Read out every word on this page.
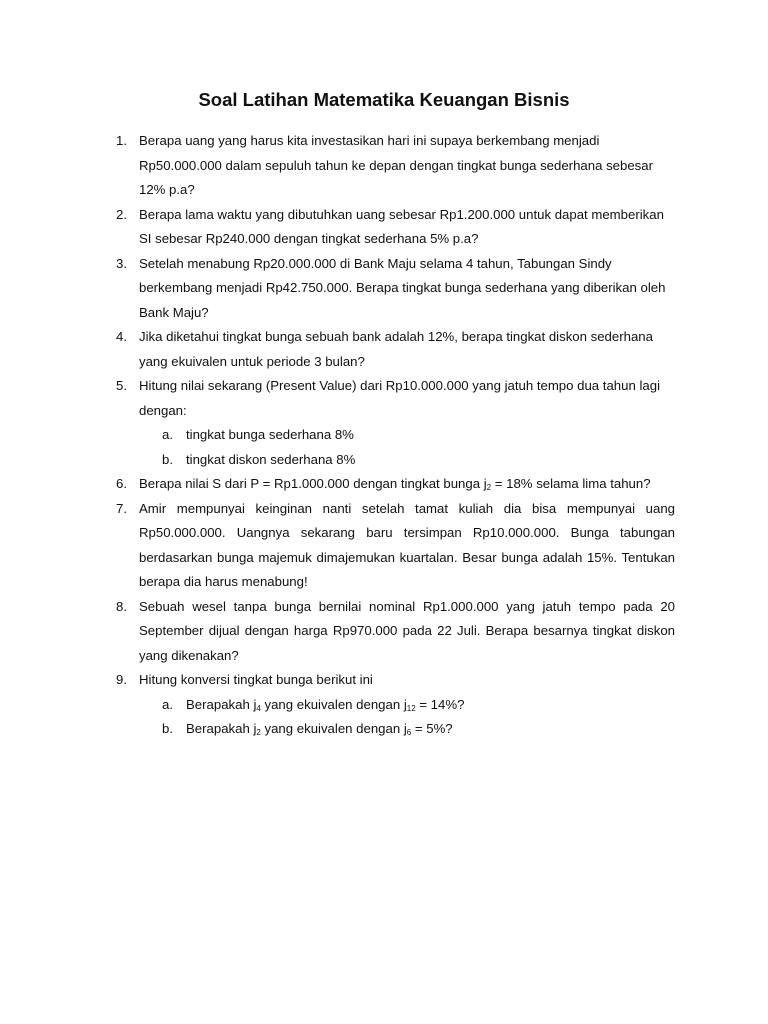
Soal Latihan Matematika Keuangan Bisnis
1. Berapa uang yang harus kita investasikan hari ini supaya berkembang menjadi Rp50.000.000 dalam sepuluh tahun ke depan dengan tingkat bunga sederhana sebesar 12% p.a?
2. Berapa lama waktu yang dibutuhkan uang sebesar Rp1.200.000 untuk dapat memberikan SI sebesar Rp240.000 dengan tingkat sederhana 5% p.a?
3. Setelah menabung Rp20.000.000 di Bank Maju selama 4 tahun, Tabungan Sindy berkembang menjadi Rp42.750.000. Berapa tingkat bunga sederhana yang diberikan oleh Bank Maju?
4. Jika diketahui tingkat bunga sebuah bank adalah 12%, berapa tingkat diskon sederhana yang ekuivalen untuk periode 3 bulan?
5. Hitung nilai sekarang (Present Value) dari Rp10.000.000 yang jatuh tempo dua tahun lagi dengan:
a. tingkat bunga sederhana 8%
b. tingkat diskon sederhana 8%
6. Berapa nilai S dari P = Rp1.000.000 dengan tingkat bunga $j_2 = 18\%$ selama lima tahun?
7. Amir mempunyai keinginan nanti setelah tamat kuliah dia bisa mempunyai uang Rp50.000.000. Uangnya sekarang baru tersimpan Rp10.000.000. Bunga tabungan berdasarkan bunga majemuk dimajemukan kuartalan. Besar bunga adalah 15%. Tentukan berapa dia harus menabung!
8. Sebuah wesel tanpa bunga bernilai nominal Rp1.000.000 yang jatuh tempo pada 20 September dijual dengan harga Rp970.000 pada 22 Juli. Berapa besarnya tingkat diskon yang dikenakan?
9. Hitung konversi tingkat bunga berikut ini
a. Berapakah $j_4$ yang ekuivalen dengan $j_{12} = 14\%$?
b. Berapakah $j_2$ yang ekuivalen dengan $j_6 = 5\%$?
